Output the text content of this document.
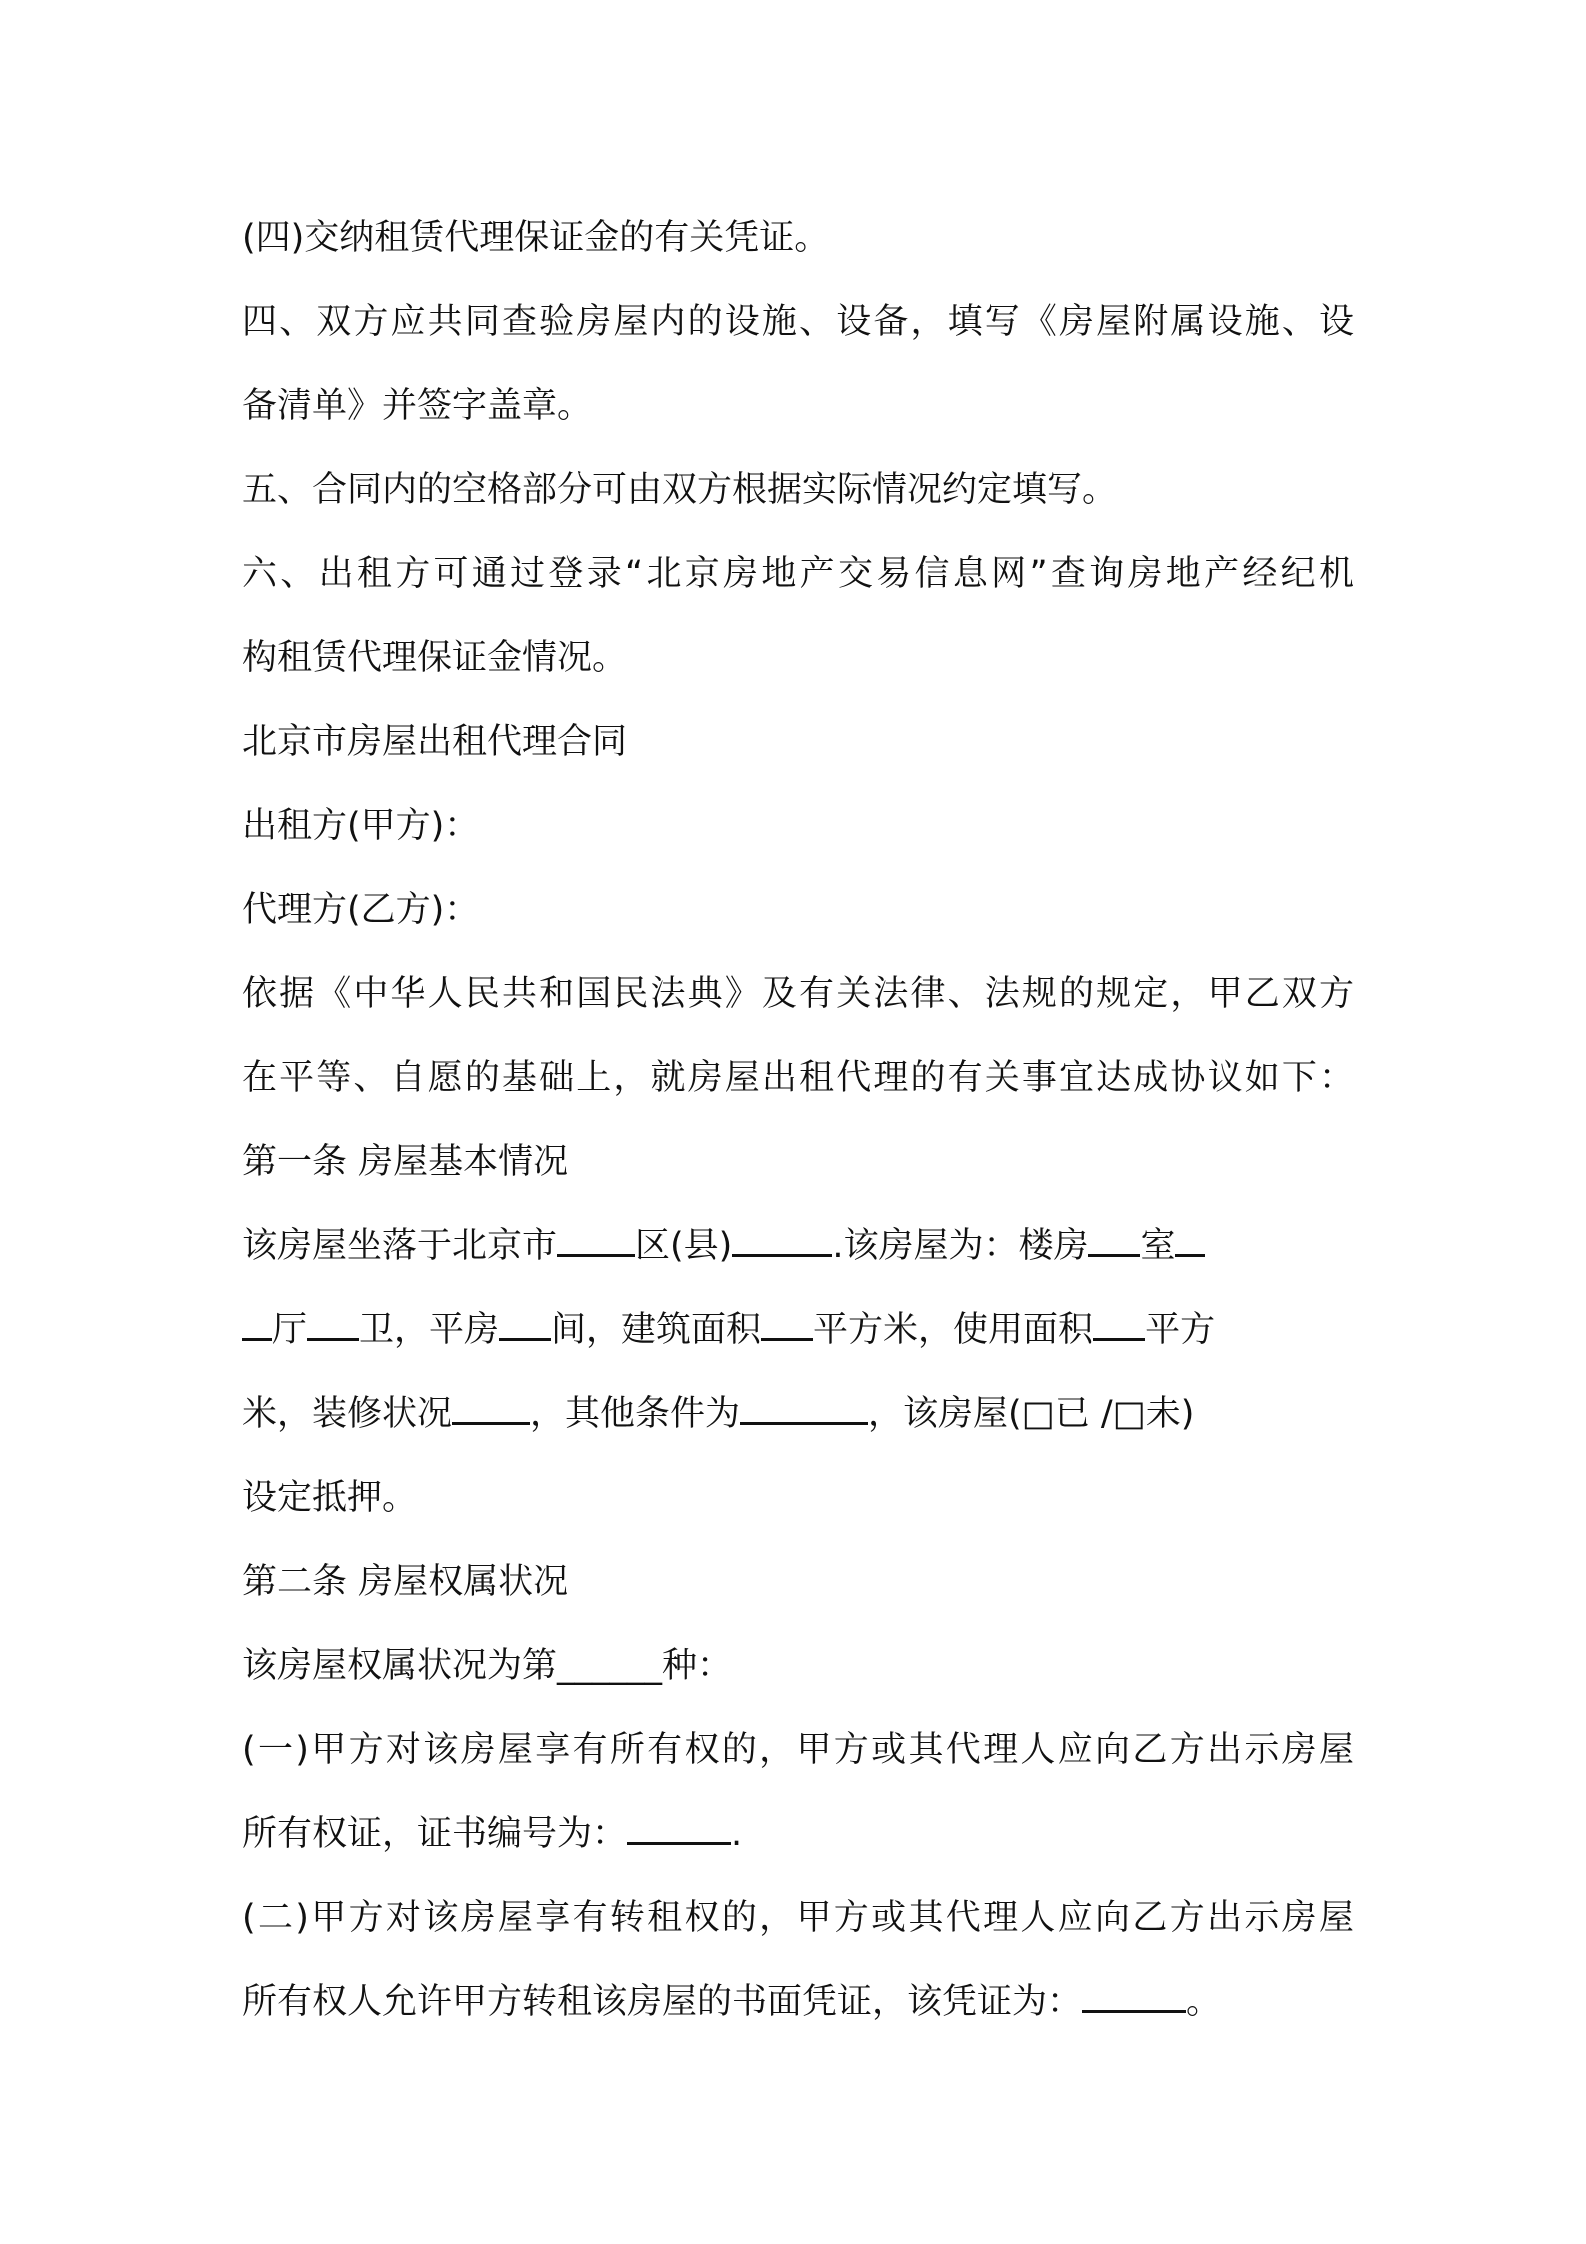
(四)交纳租赁代理保证金的有关凭证。
四、双方应共同查验房屋内的设施、设备，填写《房屋附属设施、设
备清单》并签字盖章。
五、合同内的空格部分可由双方根据实际情况约定填写。
六、出租方可通过登录“北京房地产交易信息网”查询房地产经纪机
构租赁代理保证金情况。
北京市房屋出租代理合同
出租方(甲方)：
代理方(乙方)：
依据《中华人民共和国民法典》及有关法律、法规的规定，甲乙双方
在平等、自愿的基础上，就房屋出租代理的有关事宜达成协议如下：
第一条 房屋基本情况
该房屋坐落于北京市 区(县)	.该房屋为：楼房 室
厅 卫，平房 间，建筑面积 平方米，使用面积 平方
米，装修状况 ，其他条件为	，该房屋(□已 /□未)
设定抵押。
第二条 房屋权属状况
该房屋权属状况为第______种：
(一)甲方对该房屋享有所有权的，甲方或其代理人应向乙方出示房屋
所有权证，证书编号为：	.
(二)甲方对该房屋享有转租权的，甲方或其代理人应向乙方出示房屋
所有权人允许甲方转租该房屋的书面凭证，该凭证为：	。
